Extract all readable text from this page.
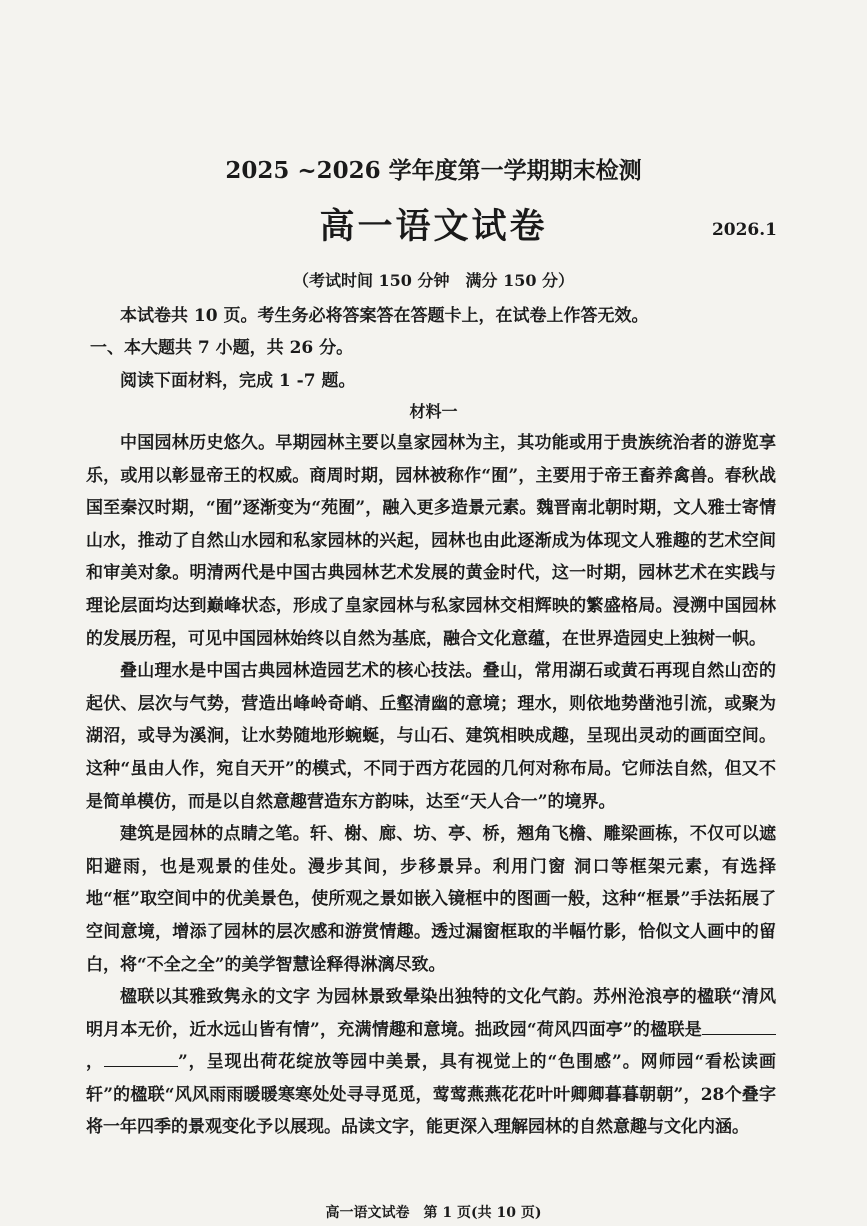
2025 ~2026 学年度第一学期期末检测
高一语文试卷	2026.1
（考试时间 150 分钟　满分 150 分）
本试卷共 10 页。考生务必将答案答在答题卡上，在试卷上作答无效。
一、本大题共 7 小题，共 26 分。
阅读下面材料，完成 1 -7 题。
材料一

中国园林历史悠久。早期园林主要以皇家园林为主，其功能或用于贵族统治者的游览享乐，或用以彰显帝王的权威。商周时期，园林被称作“囿”，主要用于帝王畜养禽兽。春秋战国至秦汉时期，“囿”逐渐变为“苑囿”，融入更多造景元素。魏晋南北朝时期，文人雅士寄情山水，推动了自然山水园和私家园林的兴起，园林也由此逐渐成为体现文人雅趣的艺术空间和审美对象。明清两代是中国古典园林艺术发展的黄金时代，这一时期，园林艺术在实践与理论层面均达到巅峰状态，形成了皇家园林与私家园林交相辉映的繁盛格局。浸溯中国园林的发展历程，可见中国园林始终以自然为基底，融合文化意蕴，在世界造园史上独树一帜。

叠山理水是中国古典园林造园艺术的核心技法。叠山，常用湖石或黄石再现自然山峦的起伏、层次与气势，营造出峰岭奇峭、丘壑清幽的意境；理水，则依地势凿池引流，或聚为湖沼，或导为溪涧，让水势随地形蜿蜒，与山石、建筑相映成趣，呈现出灵动的画面空间。这种“虽由人作，宛自天开”的模式，不同于西方花园的几何对称布局。它师法自然，但又不是简单模仿，而是以自然意趣营造东方韵味，达至“天人合一”的境界。

建筑是园林的点睛之笔。轩、榭、廊、坊、亭、桥，翘角飞檐、雕梁画栋，不仅可以遮阳避雨，也是观景的佳处。漫步其间，步移景异。利用门窗 洞口等框架元素，有选择地“框”取空间中的优美景色，使所观之景如嵌入镜框中的图画一般，这种“框景”手法拓展了空间意境，增添了园林的层次感和游赏情趣。透过漏窗框取的半幅竹影，恰似文人画中的留白，将“不全之全”的美学智慧诠释得淋漓尽致。

楹联以其雅致隽永的文字 为园林景致晕染出独特的文化气韵。苏州沧浪亭的楹联“清风明月本无价，近水远山皆有情”，充满情趣和意境。拙政园“荷风四面亭”的楹联是，	”，呈现出荷花绽放等园中美景，具有视觉上的“色围感”。网师园“看松读画轩”的楹联“风风雨雨暖暖寒寒处处寻寻觅觅，莺莺燕燕花花叶叶卿卿暮暮朝朝”，28个叠字将一年四季的景观变化予以展现。品读文字，能更深入理解园林的自然意趣与文化内涵。

高一语文试卷　第 1 页(共 10 页)
